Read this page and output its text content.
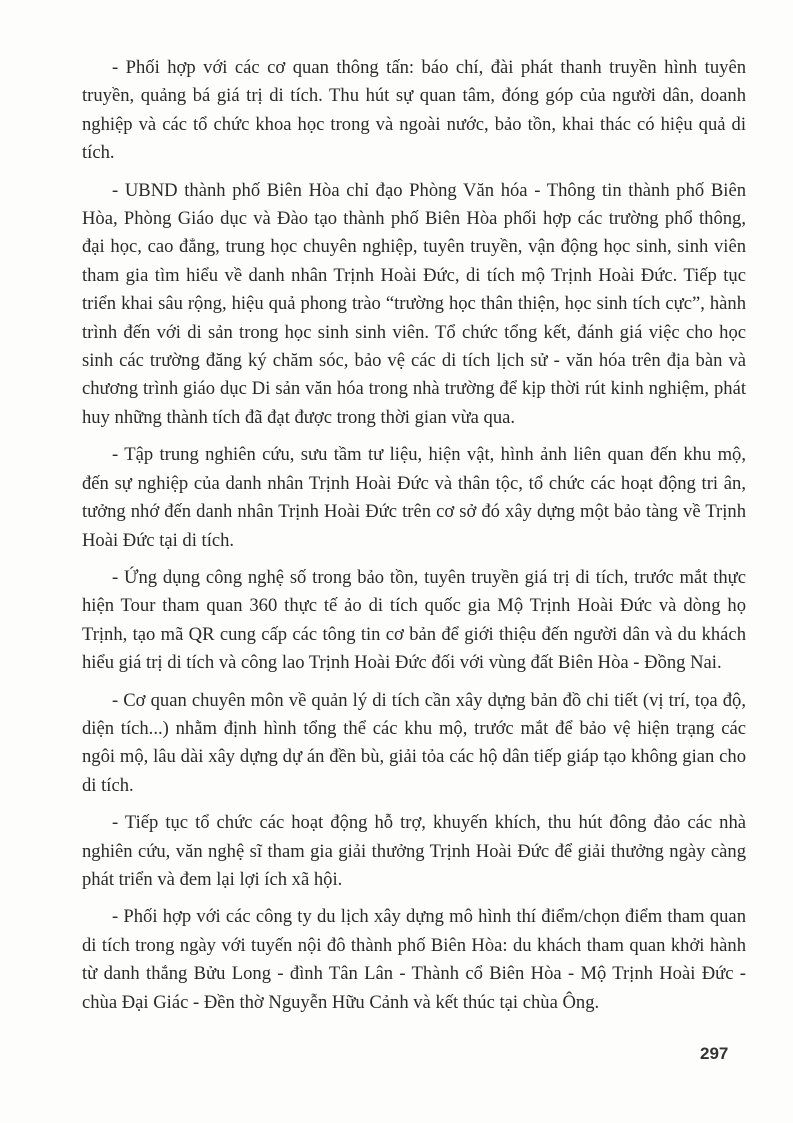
- Phối hợp với các cơ quan thông tấn: báo chí, đài phát thanh truyền hình tuyên truyền, quảng bá giá trị di tích. Thu hút sự quan tâm, đóng góp của người dân, doanh nghiệp và các tổ chức khoa học trong và ngoài nước, bảo tồn, khai thác có hiệu quả di tích.

- UBND thành phố Biên Hòa chỉ đạo Phòng Văn hóa - Thông tin thành phố Biên Hòa, Phòng Giáo dục và Đào tạo thành phố Biên Hòa phối hợp các trường phổ thông, đại học, cao đẳng, trung học chuyên nghiệp, tuyên truyền, vận động học sinh, sinh viên tham gia tìm hiểu về danh nhân Trịnh Hoài Đức, di tích mộ Trịnh Hoài Đức. Tiếp tục triển khai sâu rộng, hiệu quả phong trào “trường học thân thiện, học sinh tích cực”, hành trình đến với di sản trong học sinh sinh viên. Tổ chức tổng kết, đánh giá việc cho học sinh các trường đăng ký chăm sóc, bảo vệ các di tích lịch sử - văn hóa trên địa bàn và chương trình giáo dục Di sản văn hóa trong nhà trường để kịp thời rút kinh nghiệm, phát huy những thành tích đã đạt được trong thời gian vừa qua.

- Tập trung nghiên cứu, sưu tầm tư liệu, hiện vật, hình ảnh liên quan đến khu mộ, đến sự nghiệp của danh nhân Trịnh Hoài Đức và thân tộc, tổ chức các hoạt động tri ân, tưởng nhớ đến danh nhân Trịnh Hoài Đức trên cơ sở đó xây dựng một bảo tàng về Trịnh Hoài Đức tại di tích.

- Ứng dụng công nghệ số trong bảo tồn, tuyên truyền giá trị di tích, trước mắt thực hiện Tour tham quan 360 thực tế ảo di tích quốc gia Mộ Trịnh Hoài Đức và dòng họ Trịnh, tạo mã QR cung cấp các tông tin cơ bản để giới thiệu đến người dân và du khách hiểu giá trị di tích và công lao Trịnh Hoài Đức đối với vùng đất Biên Hòa - Đồng Nai.

- Cơ quan chuyên môn về quản lý di tích cần xây dựng bản đồ chi tiết (vị trí, tọa độ, diện tích...) nhằm định hình tổng thể các khu mộ, trước mắt để bảo vệ hiện trạng các ngôi mộ, lâu dài xây dựng dự án đền bù, giải tỏa các hộ dân tiếp giáp tạo không gian cho di tích.

- Tiếp tục tổ chức các hoạt động hỗ trợ, khuyến khích, thu hút đông đảo các nhà nghiên cứu, văn nghệ sĩ tham gia giải thưởng Trịnh Hoài Đức để giải thưởng ngày càng phát triển và đem lại lợi ích xã hội.

- Phối hợp với các công ty du lịch xây dựng mô hình thí điểm/chọn điểm tham quan di tích trong ngày với tuyến nội đô thành phố Biên Hòa: du khách tham quan khởi hành từ danh thắng Bửu Long - đình Tân Lân - Thành cổ Biên Hòa - Mộ Trịnh Hoài Đức - chùa Đại Giác - Đền thờ Nguyễn Hữu Cảnh và kết thúc tại chùa Ông.

297
